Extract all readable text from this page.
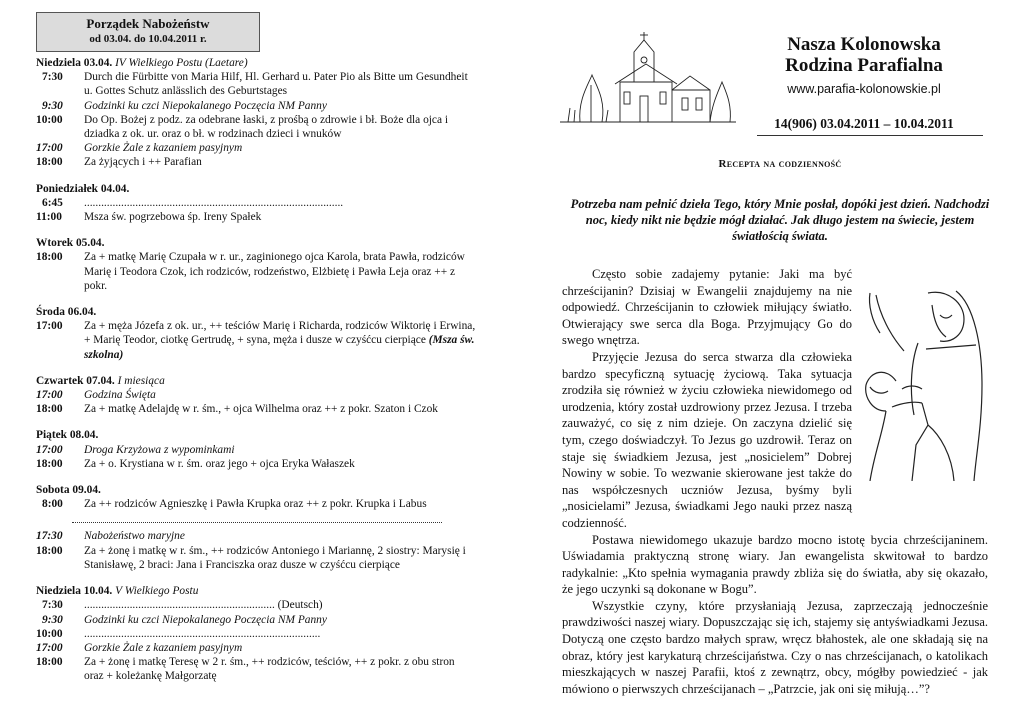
Porządek Nabożeństw
od 03.04. do 10.04.2011 r.
Niedziela 03.04. IV Wielkiego Postu (Laetare)
7:30	Durch die Fürbitte von Maria Hilf, Hl. Gerhard u. Pater Pio als Bitte um Gesundheit u. Gottes Schutz anlässlich des Geburtstages
9:30	Godzinki ku czci Niepokalanego Poczęcia NM Panny
10:00	Do Op. Bożej z podz. za odebrane łaski, z prośbą o zdrowie i bł. Boże dla ojca i dziadka z ok. ur. oraz o bł. w rodzinach dzieci i wnuków
17:00	Gorzkie Żale z kazaniem pasyjnym
18:00	Za żyjących i ++ Parafian
Poniedziałek 04.04.
6:45	...........................................................................................
11:00	Msza św. pogrzebowa śp. Ireny Spałek
Wtorek 05.04.
18:00	Za + matkę Marię Czupała w r. ur., zaginionego ojca Karola, brata Pawła, rodziców Marię i Teodora Czok, ich rodziców, rodzeństwo, Elżbietę i Pawła Leja oraz ++ z pokr.
Środa 06.04.
17:00	Za + męża Józefa z ok. ur., ++ teściów Marię i Richarda, rodziców Wiktorię i Erwina, + Marię Teodor, ciotkę Gertrudę, + syna, męża i dusze w czyśćcu cierpiące (Msza św. szkolna)
Czwartek 07.04. I miesiąca
17:00	Godzina Święta
18:00	Za + matkę Adelajdę w r. śm., + ojca Wilhelma oraz ++ z pokr. Szaton i Czok
Piątek 08.04.
17:00	Droga Krzyżowa z wypominkami
18:00	Za + o. Krystiana w r. śm. oraz jego + ojca Eryka Wałaszek
Sobota 09.04.
8:00	Za ++ rodziców Agnieszkę i Pawła Krupka oraz ++ z pokr. Krupka i Labus
17:30	Nabożeństwo maryjne
18:00	Za + żonę i matkę w r. śm., ++ rodziców Antoniego i Mariannę, 2 siostry: Marysię i Stanisławę, 2 braci: Jana i Franciszka oraz dusze w czyśćcu cierpiące
Niedziela 10.04. V Wielkiego Postu
7:30	................................................................... (Deutsch)
9:30	Godzinki ku czci Niepokalanego Poczęcia NM Panny
10:00	...................................................................................
17:00	Gorzkie Żale z kazaniem pasyjnym
18:00	Za + żonę i matkę Teresę w 2 r. śm., ++ rodziców, teściów, ++ z pokr. z obu stron oraz + koleżankę Małgorzatę
Nasza Kolonowska
Rodzina Parafialna
www.parafia-kolonowskie.pl
14(906) 03.04.2011 – 10.04.2011
Recepta na codzienność
Potrzeba nam pełnić dzieła Tego, który Mnie posłał, dopóki jest dzień. Nadchodzi noc, kiedy nikt nie będzie mógł działać. Jak długo jestem na świecie, jestem światłością świata.

Często sobie zadajemy pytanie: Jaki ma być chrześcijanin? Dzisiaj w Ewangelii znajdujemy na nie odpowiedź. Chrześcijanin to człowiek miłujący światło. Otwierający swe serca dla Boga. Przyjmujący Go do swego wnętrza.

Przyjęcie Jezusa do serca stwarza dla człowieka bardzo specyficzną sytuację życiową. Taka sytuacja zrodziła się również w życiu człowieka niewidomego od urodzenia, który został uzdrowiony przez Jezusa. I trzeba zauważyć, co się z nim dzieje. On zaczyna dzielić się tym, czego doświadczył. To Jezus go uzdrowił. Teraz on staje się świadkiem Jezusa, jest „nosicielem” Dobrej Nowiny w sobie. To wezwanie skierowane jest także do nas współczesnych uczniów Jezusa, byśmy byli „nosicielami” Jezusa, świadkami Jego nauki przez naszą codzienność.

Postawa niewidomego ukazuje bardzo mocno istotę bycia chrześcijaninem. Uświadamia praktyczną stronę wiary. Jan ewangelista skwitował to bardzo radykalnie: „Kto spełnia wymagania prawdy zbliża się do światła, aby się okazało, że jego uczynki są dokonane w Bogu”.

Wszystkie czyny, które przysłaniają Jezusa, zaprzeczają jednocześnie prawdziwości naszej wiary. Dopuszczając się ich, stajemy się antyświadkami Jezusa. Dotyczą one często bardzo małych spraw, wręcz błahostek, ale one składają się na obraz, który jest karykaturą chrześcijaństwa. Czy o nas chrześcijanach, o katolikach mieszkających w naszej Parafii, ktoś z zewnątrz, obcy, mógłby powiedzieć - jak mówiono o pierwszych chrześcijanach – „Patrzcie, jak oni się miłują…”?
